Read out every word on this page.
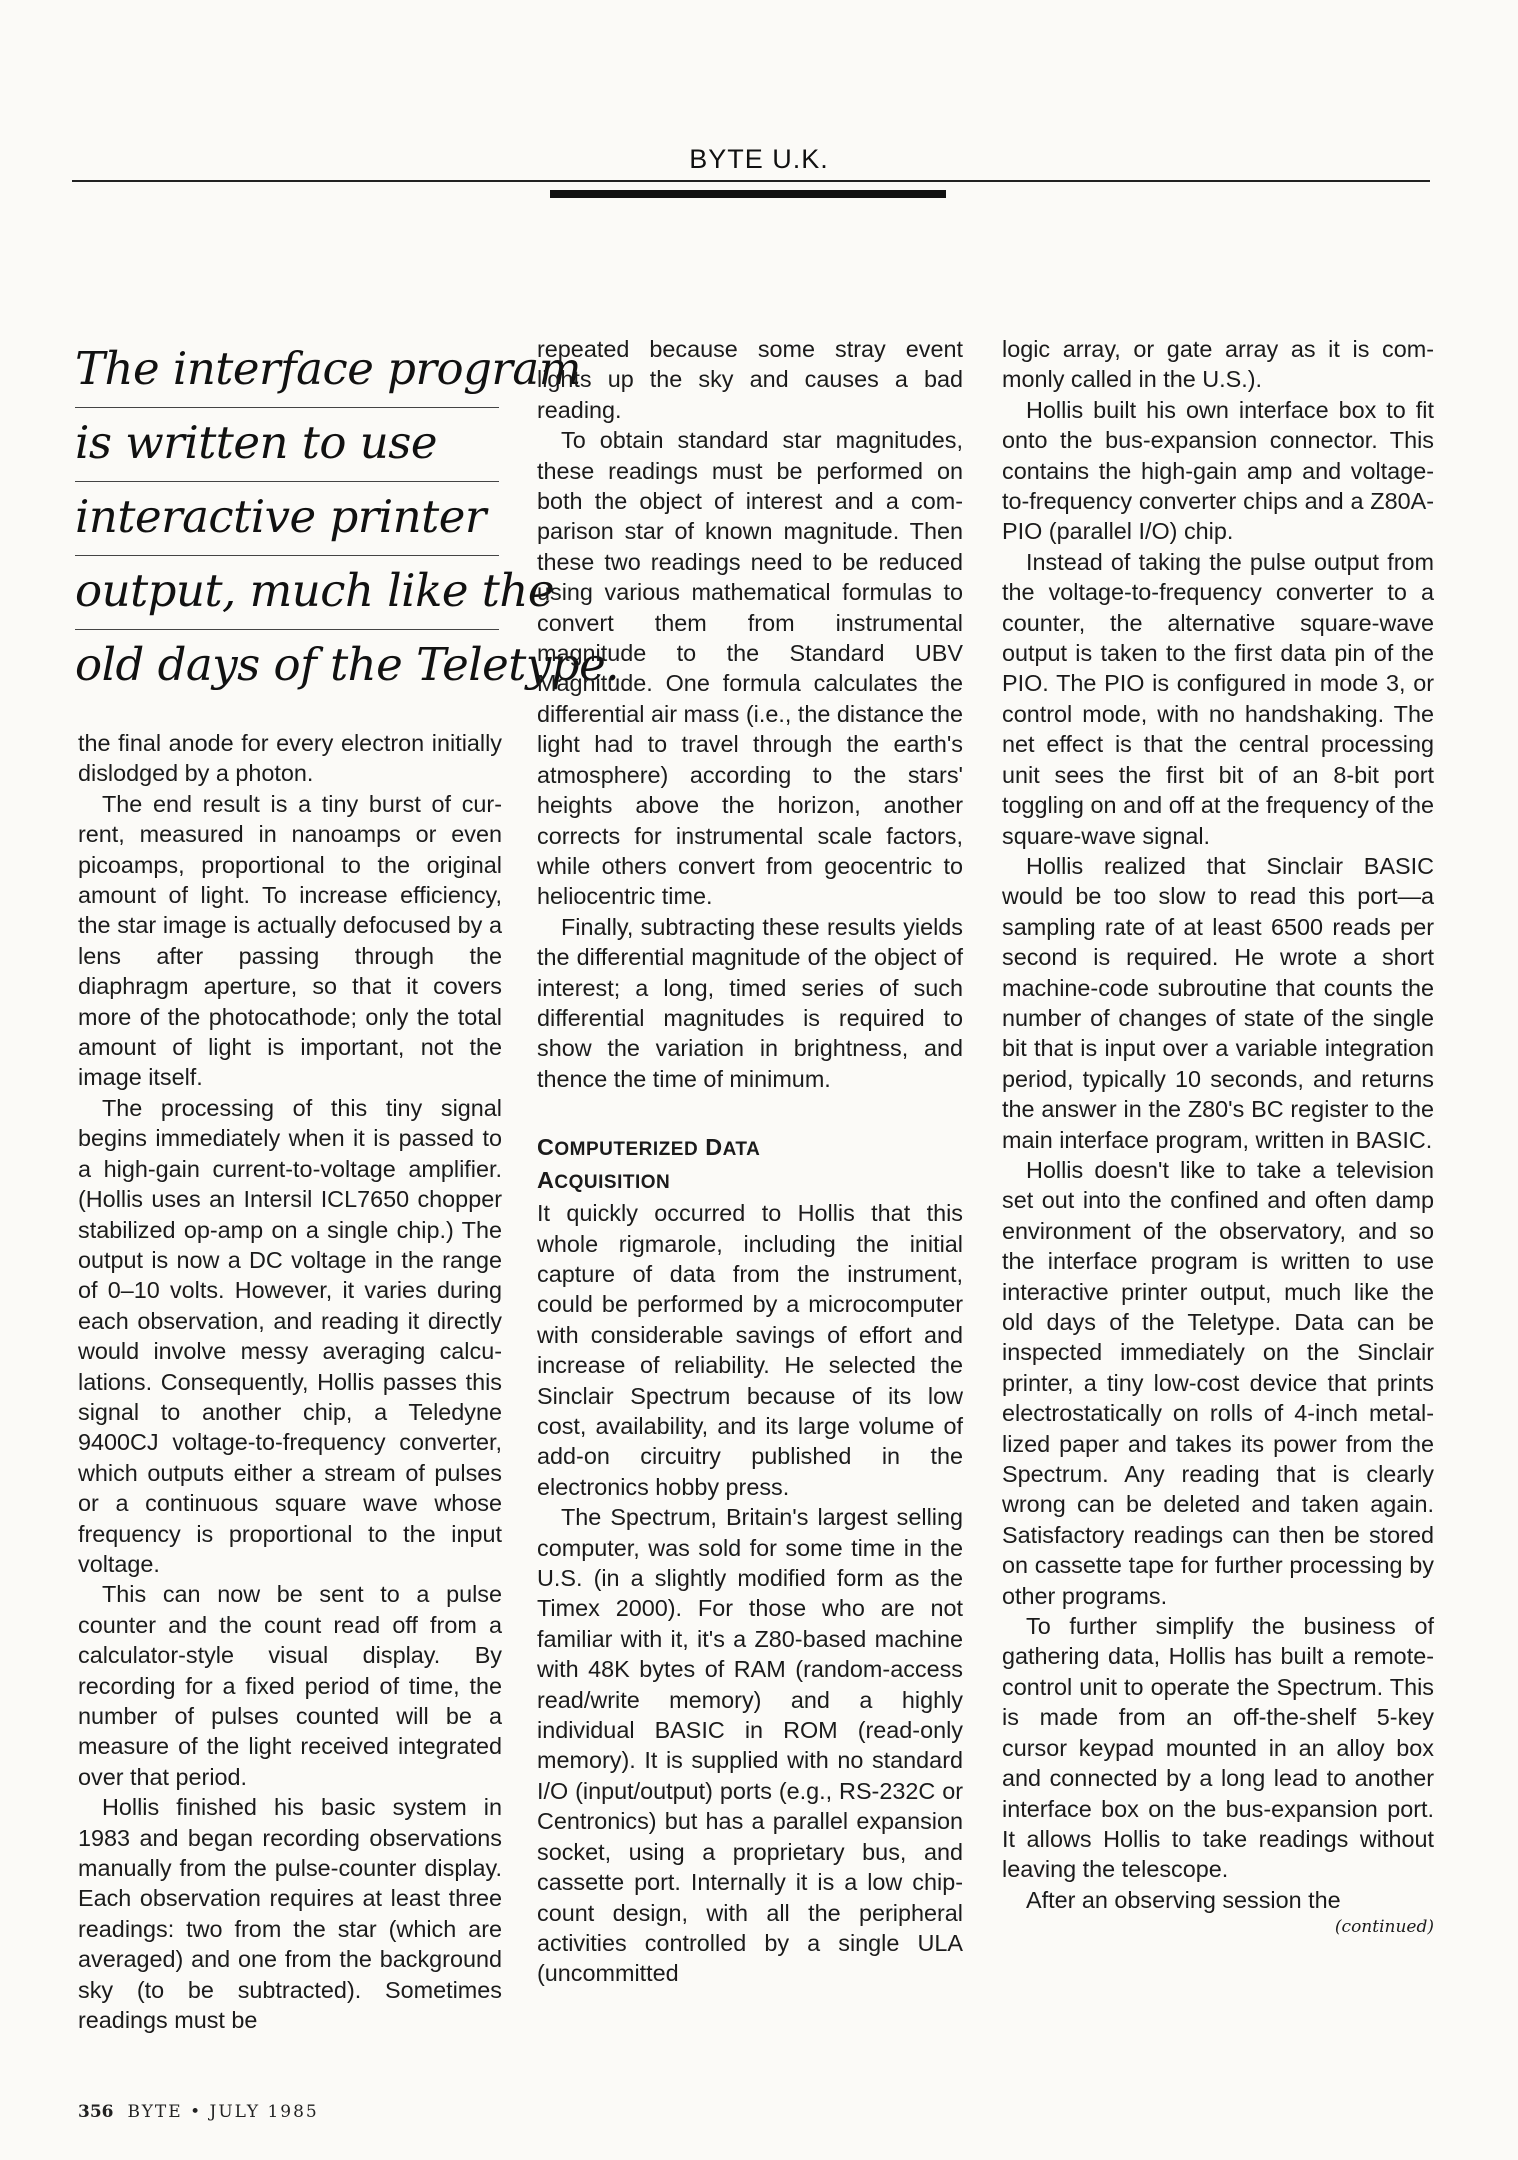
BYTE U.K.
The interface program
is written to use
interactive printer
output, much like the
old days of the Teletype.

the final anode for every electron initially dislodged by a photon.

The end result is a tiny burst of current, measured in nanoamps or even picoamps, proportional to the original amount of light. To increase efficiency, the star image is actually defocused by a lens after passing through the diaphragm aperture, so that it covers more of the photocathode; only the total amount of light is important, not the image itself.

The processing of this tiny signal begins immediately when it is passed to a high-gain current-to-voltage amplifier. (Hollis uses an Intersil ICL7650 chopper stabilized op-amp on a single chip.) The output is now a DC voltage in the range of 0–10 volts. However, it varies during each observation, and reading it directly would involve messy averaging calculations. Consequently, Hollis passes this signal to another chip, a Teledyne 9400CJ voltage-to-frequency converter, which outputs either a stream of pulses or a continuous square wave whose frequency is proportional to the input voltage.

This can now be sent to a pulse counter and the count read off from a calculator-style visual display. By recording for a fixed period of time, the number of pulses counted will be a measure of the light received integrated over that period.

Hollis finished his basic system in 1983 and began recording observations manually from the pulse-counter display. Each observation requires at least three readings: two from the star (which are averaged) and one from the background sky (to be subtracted). Sometimes readings must be

repeated because some stray event lights up the sky and causes a bad reading.

To obtain standard star magnitudes, these readings must be performed on both the object of interest and a comparison star of known magnitude. Then these two readings need to be reduced using various mathematical formulas to convert them from instrumental magnitude to the Standard UBV Magnitude. One formula calculates the differential air mass (i.e., the distance the light had to travel through the earth's atmosphere) according to the stars' heights above the horizon, another corrects for instrumental scale factors, while others convert from geocentric to heliocentric time.

Finally, subtracting these results yields the differential magnitude of the object of interest; a long, timed series of such differential magnitudes is required to show the variation in brightness, and thence the time of minimum.

COMPUTERIZED DATA
ACQUISITION

It quickly occurred to Hollis that this whole rigmarole, including the initial capture of data from the instrument, could be performed by a microcomputer with considerable savings of effort and increase of reliability. He selected the Sinclair Spectrum because of its low cost, availability, and its large volume of add-on circuitry published in the electronics hobby press.

The Spectrum, Britain's largest selling computer, was sold for some time in the U.S. (in a slightly modified form as the Timex 2000). For those who are not familiar with it, it's a Z80-based machine with 48K bytes of RAM (random-access read/write memory) and a highly individual BASIC in ROM (read-only memory). It is supplied with no standard I/O (input/output) ports (e.g., RS-232C or Centronics) but has a parallel expansion socket, using a proprietary bus, and cassette port. Internally it is a low chip-count design, with all the peripheral activities controlled by a single ULA (uncommitted

logic array, or gate array as it is commonly called in the U.S.).

Hollis built his own interface box to fit onto the bus-expansion connector. This contains the high-gain amp and voltage-to-frequency converter chips and a Z80A-PIO (parallel I/O) chip.

Instead of taking the pulse output from the voltage-to-frequency converter to a counter, the alternative square-wave output is taken to the first data pin of the PIO. The PIO is configured in mode 3, or control mode, with no handshaking. The net effect is that the central processing unit sees the first bit of an 8-bit port toggling on and off at the frequency of the square-wave signal.

Hollis realized that Sinclair BASIC would be too slow to read this port—a sampling rate of at least 6500 reads per second is required. He wrote a short machine-code subroutine that counts the number of changes of state of the single bit that is input over a variable integration period, typically 10 seconds, and returns the answer in the Z80's BC register to the main interface program, written in BASIC.

Hollis doesn't like to take a television set out into the confined and often damp environment of the observatory, and so the interface program is written to use interactive printer output, much like the old days of the Teletype. Data can be inspected immediately on the Sinclair printer, a tiny low-cost device that prints electrostatically on rolls of 4-inch metallized paper and takes its power from the Spectrum. Any reading that is clearly wrong can be deleted and taken again. Satisfactory readings can then be stored on cassette tape for further processing by other programs.

To further simplify the business of gathering data, Hollis has built a remote-control unit to operate the Spectrum. This is made from an off-the-shelf 5-key cursor keypad mounted in an alloy box and connected by a long lead to another interface box on the bus-expansion port. It allows Hollis to take readings without leaving the telescope.

After an observing session the

(continued)
356 BYTE • JULY 1985
